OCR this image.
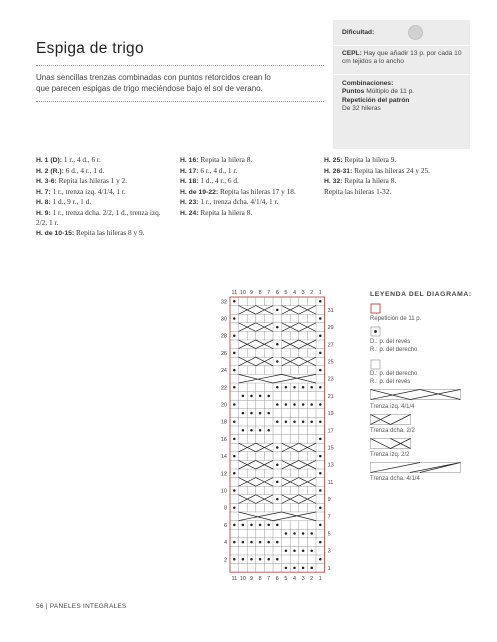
Espiga de trigo
Unas sencillas trenzas combinadas con puntos retorcidos crean lo que parecen espigas de trigo meciéndose bajo el sol de verano.
Dificultad:
CEPL: Hay que añadir 13 p. por cada 10 cm tejidos a lo ancho
Combinaciones:
Puntos Múltiplo de 11 p.
Repetición del patrón
De 32 hileras

H. 1 (D): 1 r., 4 d., 6 r.

H. 2 (R.): 6 d., 4 r., 1 d.

H. 3-6: Repita las hileras 1 y 2.

H. 7: 1 r., trenza izq. 4/1/4, 1 r.

H. 8: 1 d., 9 r., 1 d.

H. 9: 1 r., trenza dcha. 2/2, 1 d., trenza izq. 2/2, 1 r.

H. de 10-15: Repita las hileras 8 y 9.

H. 16: Repita la hilera 8.

H. 17: 6 r., 4 d., 1 r.

H. 18: 1 d., 4 r., 6 d.

H. de 19-22: Repita las hileras 17 y 18.

H. 23: 1 r., trenza dcha. 4/1/4, 1 r.

H. 24: Repita la hilera 8.

H. 25: Repita la hilera 9.

H. 26-31: Repita las hileras 24 y 25.

H. 32: Repita la hilera 8.

Repita las hileras 1-32.

11
11
10
10
9
9
8
8
7
7
6
6
5
5
4
4
3
3
2
2
1
1
32
30
28
26
24
22
20
18
16
14
12
10
8
6
4
2
31
29
27
25
23
21
19
17
15
13
11
9
7
5
3
1
LEYENDA DEL DIAGRAMA:
Repetición de 11 p.
D.: p. del revés
R.: p. del derecho
D.: p. del derecho
R.: p. del revés
Trenza izq. 4/1/4
Trenza dcha. 2/2
Trenza izq. 2/2
Trenza dcha. 4/1/4
56 | PANELES INTEGRALES
